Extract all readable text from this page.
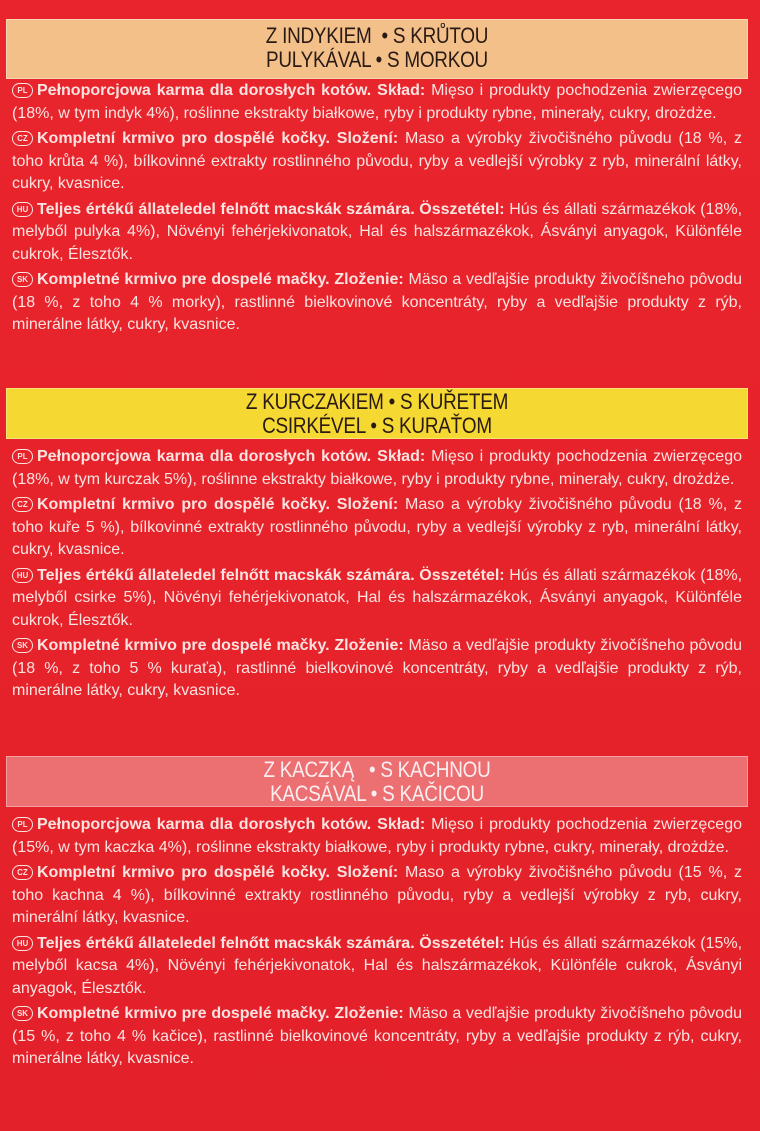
Z INDYKIEM  • S KRŮTOU
PULYKÁVAL • S MORKOU
PL Pełnoporcjowa karma dla dorosłych kotów. Skład: Mięso i produkty pochodzenia zwierzęcego (18%, w tym indyk 4%), roślinne ekstrakty białkowe, ryby i produkty rybne, minerały, cukry, drożdże.
CZ Kompletní krmivo pro dospělé kočky. Složení: Maso a výrobky živočišného původu (18 %, z toho krůta 4 %), bílkovinné extrakty rostlinného původu, ryby a vedlejší výrobky z ryb, minerální látky, cukry, kvasnice.
HU Teljes értékű állateledel felnőtt macskák számára. Összetétel: Hús és állati származékok (18%, melyből pulyka 4%), Növényi fehérjekivonatok, Hal és halszármazékok, Ásványi anyagok, Különféle cukrok, Élesztők.
SK Kompletné krmivo pre dospelé mačky. Zloženie: Mäso a vedľajšie produkty živočíšneho pôvodu (18 %, z toho 4 % morky), rastlinné bielkovinové koncentráty, ryby a vedľajšie produkty z rýb, minerálne látky, cukry, kvasnice.
Z KURCZAKIEM • S KUŘETEM
CSIRKÉVEL • S KURAŤOM
PL Pełnoporcjowa karma dla dorosłych kotów. Skład: Mięso i produkty pochodzenia zwierzęcego (18%, w tym kurczak 5%), roślinne ekstrakty białkowe, ryby i produkty rybne, minerały, cukry, drożdże.
CZ Kompletní krmivo pro dospělé kočky. Složení: Maso a výrobky živočišného původu (18 %, z toho kuře 5 %), bílkovinné extrakty rostlinného původu, ryby a vedlejší výrobky z ryb, minerální látky, cukry, kvasnice.
HU Teljes értékű állateledel felnőtt macskák számára. Összetétel: Hús és állati származékok (18%, melyből csirke 5%), Növényi fehérjekivonatok, Hal és halszármazékok, Ásványi anyagok, Különféle cukrok, Élesztők.
SK Kompletné krmivo pre dospelé mačky. Zloženie: Mäso a vedľajšie produkty živočíšneho pôvodu (18 %, z toho 5 % kuraťa), rastlinné bielkovinové koncentráty, ryby a vedľajšie produkty z rýb, minerálne látky, cukry, kvasnice.
Z KACZKĄ   • S KACHNOU
KACSÁVAL • S KAČICOU
PL Pełnoporcjowa karma dla dorosłych kotów. Skład: Mięso i produkty pochodzenia zwierzęcego (15%, w tym kaczka 4%), roślinne ekstrakty białkowe, ryby i produkty rybne, cukry, minerały, drożdże.
CZ Kompletní krmivo pro dospělé kočky. Složení: Maso a výrobky živočišného původu (15 %, z toho kachna 4 %), bílkovinné extrakty rostlinného původu, ryby a vedlejší výrobky z ryb, cukry, minerální látky, kvasnice.
HU Teljes értékű állateledel felnőtt macskák számára. Összetétel: Hús és állati származékok (15%, melyből kacsa 4%), Növényi fehérjekivonatok, Hal és halszármazékok, Különféle cukrok, Ásványi anyagok, Élesztők.
SK Kompletné krmivo pre dospelé mačky. Zloženie: Mäso a vedľajšie produkty živočíšneho pôvodu (15 %, z toho 4 % kačice), rastlinné bielkovinové koncentráty, ryby a vedľajšie produkty z rýb, cukry, minerálne látky, kvasnice.
